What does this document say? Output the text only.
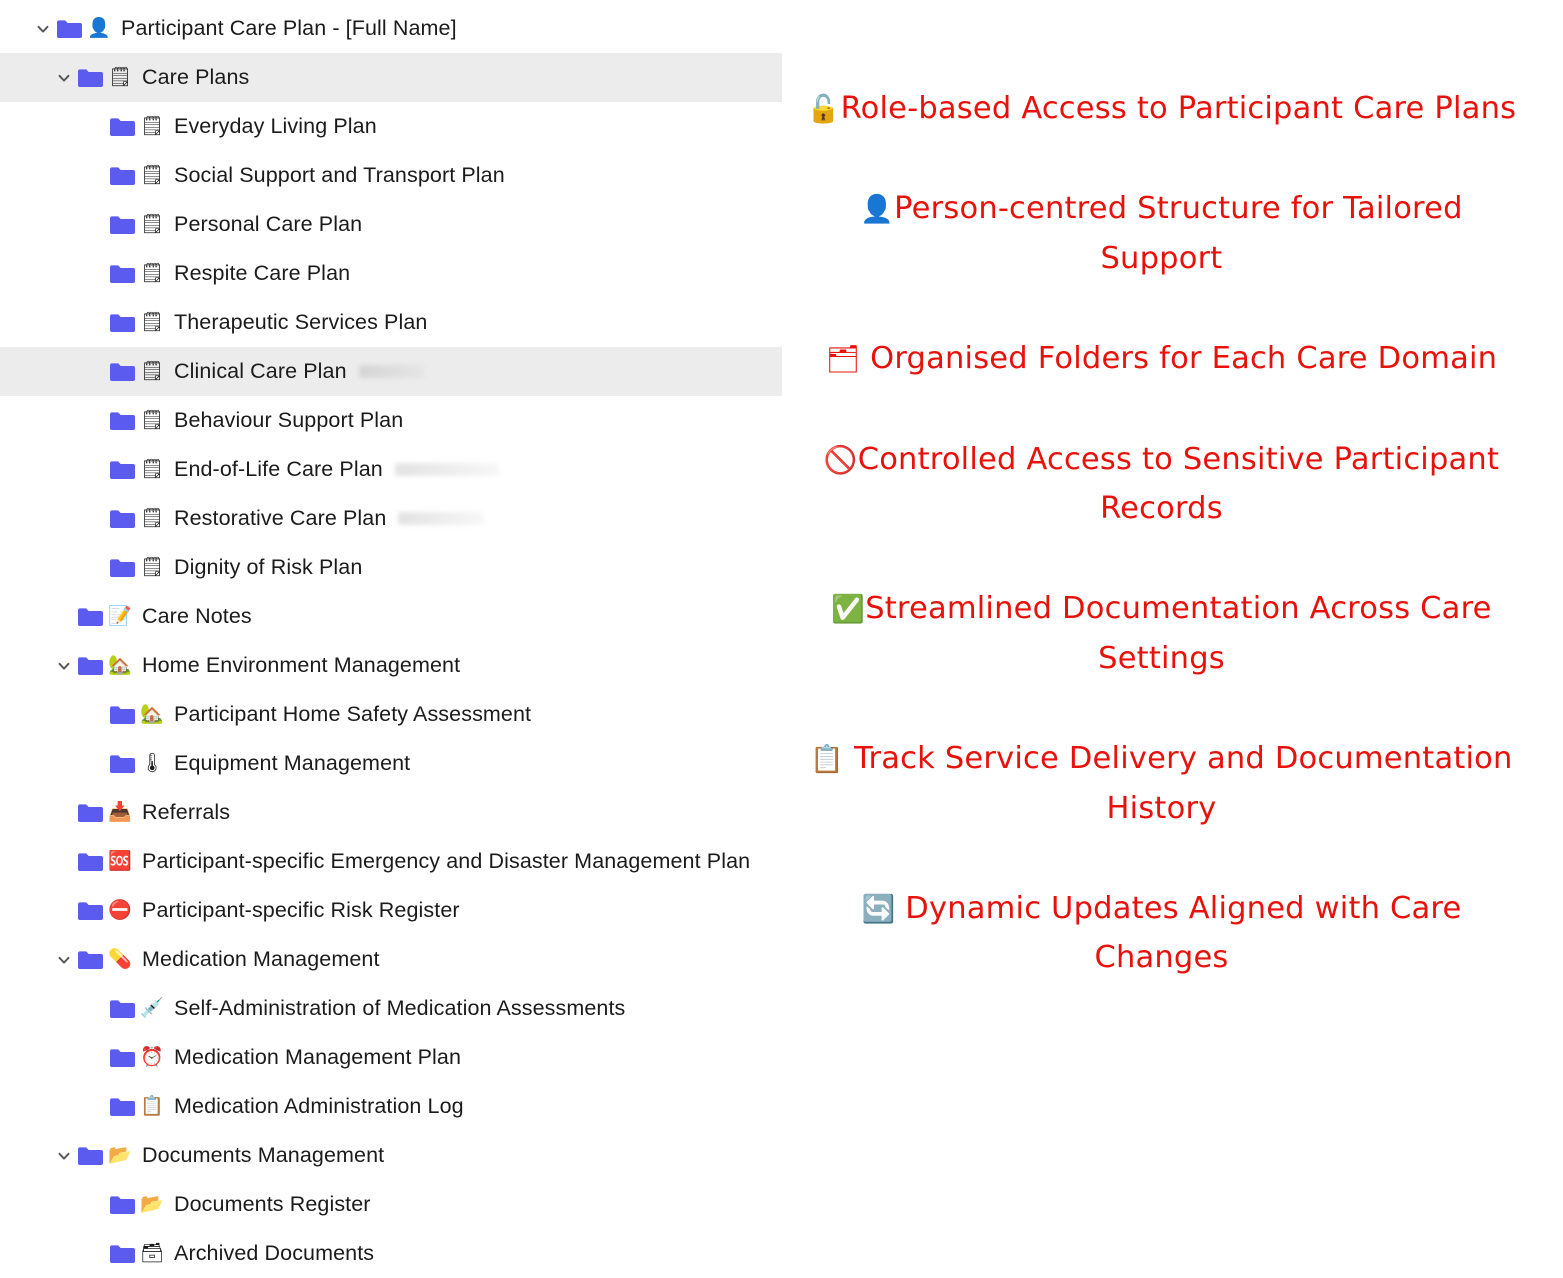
👤 Participant Care Plan - [Full Name]
🗒 Care Plans
🗒 Everyday Living Plan
🗒 Social Support and Transport Plan
🗒 Personal Care Plan
🗒 Respite Care Plan
🗒 Therapeutic Services Plan
🗒 Clinical Care Plan
🗒 Behaviour Support Plan
🗒 End-of-Life Care Plan
🗒 Restorative Care Plan
🗒 Dignity of Risk Plan
📝 Care Notes
🏡 Home Environment Management
🏡 Participant Home Safety Assessment
🌡 Equipment Management
📥 Referrals
🆘 Participant-specific Emergency and Disaster Management Plan
⛔ Participant-specific Risk Register
💊 Medication Management
💉 Self-Administration of Medication Assessments
⏰ Medication Management Plan
📋 Medication Administration Log
📂 Documents Management
📂 Documents Register
🗃 Archived Documents
🔓Role-based Access to Participant Care Plans
👤Person-centred Structure for Tailored Support
🗂 Organised Folders for Each Care Domain
🚫Controlled Access to Sensitive Participant Records
✅Streamlined Documentation Across Care Settings
📋 Track Service Delivery and Documentation History
🔄 Dynamic Updates Aligned with Care Changes
